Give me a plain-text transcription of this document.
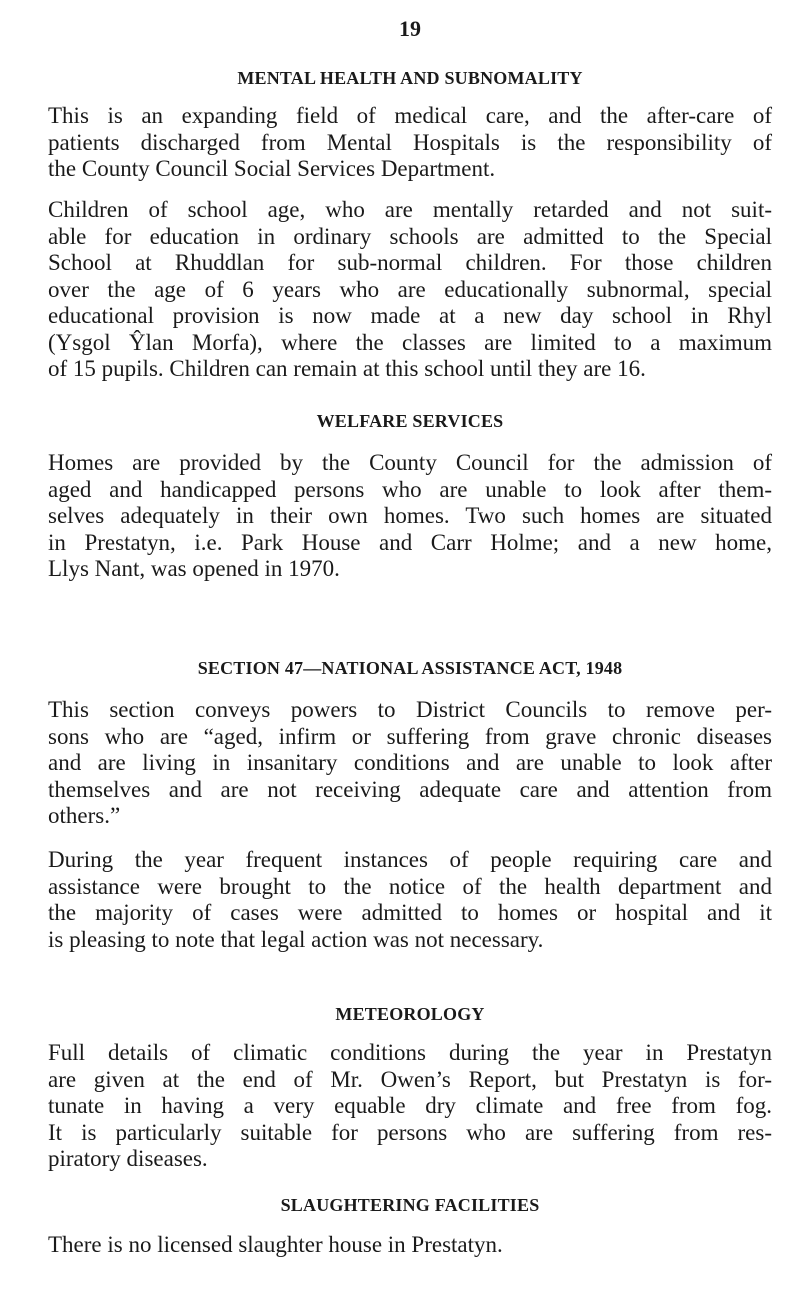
19
MENTAL HEALTH AND SUBNOMALITY
This is an expanding field of medical care, and the after-care of
patients discharged from Mental Hospitals is the responsibility of
the County Council Social Services Department.
Children of school age, who are mentally retarded and not suit-
able for education in ordinary schools are admitted to the Special
School at Rhuddlan for sub-normal children. For those children
over the age of 6 years who are educationally subnormal, special
educational provision is now made at a new day school in Rhyl
(Ysgol Ŷlan Morfa), where the classes are limited to a maximum
of 15 pupils. Children can remain at this school until they are 16.
WELFARE SERVICES
Homes are provided by the County Council for the admission of
aged and handicapped persons who are unable to look after them-
selves adequately in their own homes. Two such homes are situated
in Prestatyn, i.e. Park House and Carr Holme; and a new home,
Llys Nant, was opened in 1970.
SECTION 47—NATIONAL ASSISTANCE ACT, 1948
This section conveys powers to District Councils to remove per-
sons who are “aged, infirm or suffering from grave chronic diseases
and are living in insanitary conditions and are unable to look after
themselves and are not receiving adequate care and attention from
others.”
During the year frequent instances of people requiring care and
assistance were brought to the notice of the health department and
the majority of cases were admitted to homes or hospital and it
is pleasing to note that legal action was not necessary.
METEOROLOGY
Full details of climatic conditions during the year in Prestatyn
are given at the end of Mr. Owen’s Report, but Prestatyn is for-
tunate in having a very equable dry climate and free from fog.
It is particularly suitable for persons who are suffering from res-
piratory diseases.
SLAUGHTERING FACILITIES
There is no licensed slaughter house in Prestatyn.
